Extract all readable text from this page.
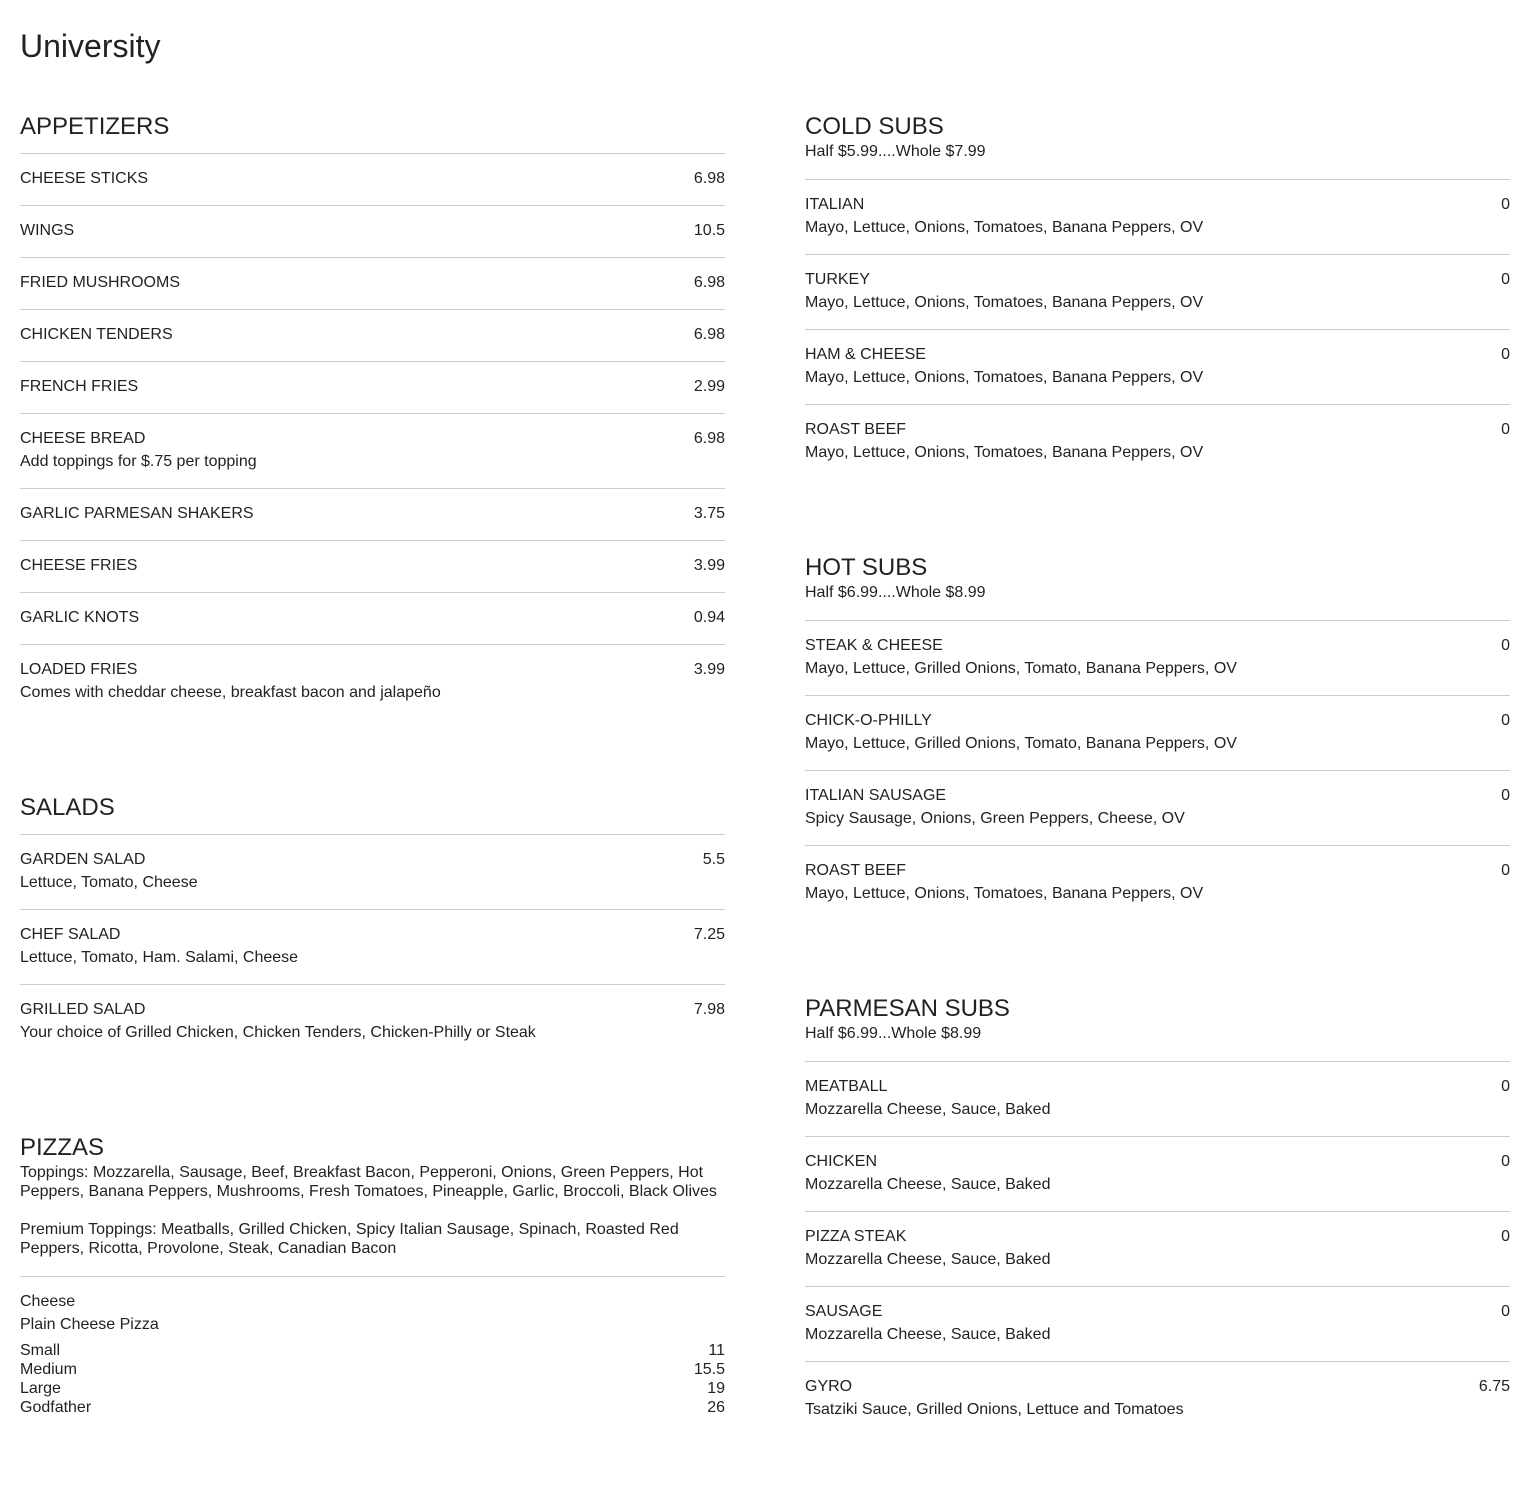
University
APPETIZERS
CHEESE STICKS	6.98
WINGS	10.5
FRIED MUSHROOMS	6.98
CHICKEN TENDERS	6.98
FRENCH FRIES	2.99
CHEESE BREAD	6.98
Add toppings for $.75 per topping
GARLIC PARMESAN SHAKERS	3.75
CHEESE FRIES	3.99
GARLIC KNOTS	0.94
LOADED FRIES	3.99
Comes with cheddar cheese, breakfast bacon and jalapeño
SALADS
GARDEN SALAD	5.5
Lettuce, Tomato, Cheese
CHEF SALAD	7.25
Lettuce, Tomato, Ham. Salami, Cheese
GRILLED SALAD	7.98
Your choice of Grilled Chicken, Chicken Tenders, Chicken-Philly or Steak
PIZZAS

Toppings: Mozzarella, Sausage, Beef, Breakfast Bacon, Pepperoni, Onions, Green Peppers, Hot Peppers, Banana Peppers, Mushrooms, Fresh Tomatoes, Pineapple, Garlic, Broccoli, Black Olives

Premium Toppings: Meatballs, Grilled Chicken, Spicy Italian Sausage, Spinach, Roasted Red Peppers, Ricotta, Provolone, Steak, Canadian Bacon

Cheese
Plain Cheese Pizza
Small	11
Medium	15.5
Large	19
Godfather	26
COLD SUBS

Half $5.99....Whole $7.99

ITALIAN	0
Mayo, Lettuce, Onions, Tomatoes, Banana Peppers, OV
TURKEY	0
Mayo, Lettuce, Onions, Tomatoes, Banana Peppers, OV
HAM & CHEESE	0
Mayo, Lettuce, Onions, Tomatoes, Banana Peppers, OV
ROAST BEEF	0
Mayo, Lettuce, Onions, Tomatoes, Banana Peppers, OV
HOT SUBS

Half $6.99....Whole $8.99

STEAK & CHEESE	0
Mayo, Lettuce, Grilled Onions, Tomato, Banana Peppers, OV
CHICK-O-PHILLY	0
Mayo, Lettuce, Grilled Onions, Tomato, Banana Peppers, OV
ITALIAN SAUSAGE	0
Spicy Sausage, Onions, Green Peppers, Cheese, OV
ROAST BEEF	0
Mayo, Lettuce, Onions, Tomatoes, Banana Peppers, OV
PARMESAN SUBS

Half $6.99...Whole $8.99

MEATBALL	0
Mozzarella Cheese, Sauce, Baked
CHICKEN	0
Mozzarella Cheese, Sauce, Baked
PIZZA STEAK	0
Mozzarella Cheese, Sauce, Baked
SAUSAGE	0
Mozzarella Cheese, Sauce, Baked
GYRO	6.75
Tsatziki Sauce, Grilled Onions, Lettuce and Tomatoes
